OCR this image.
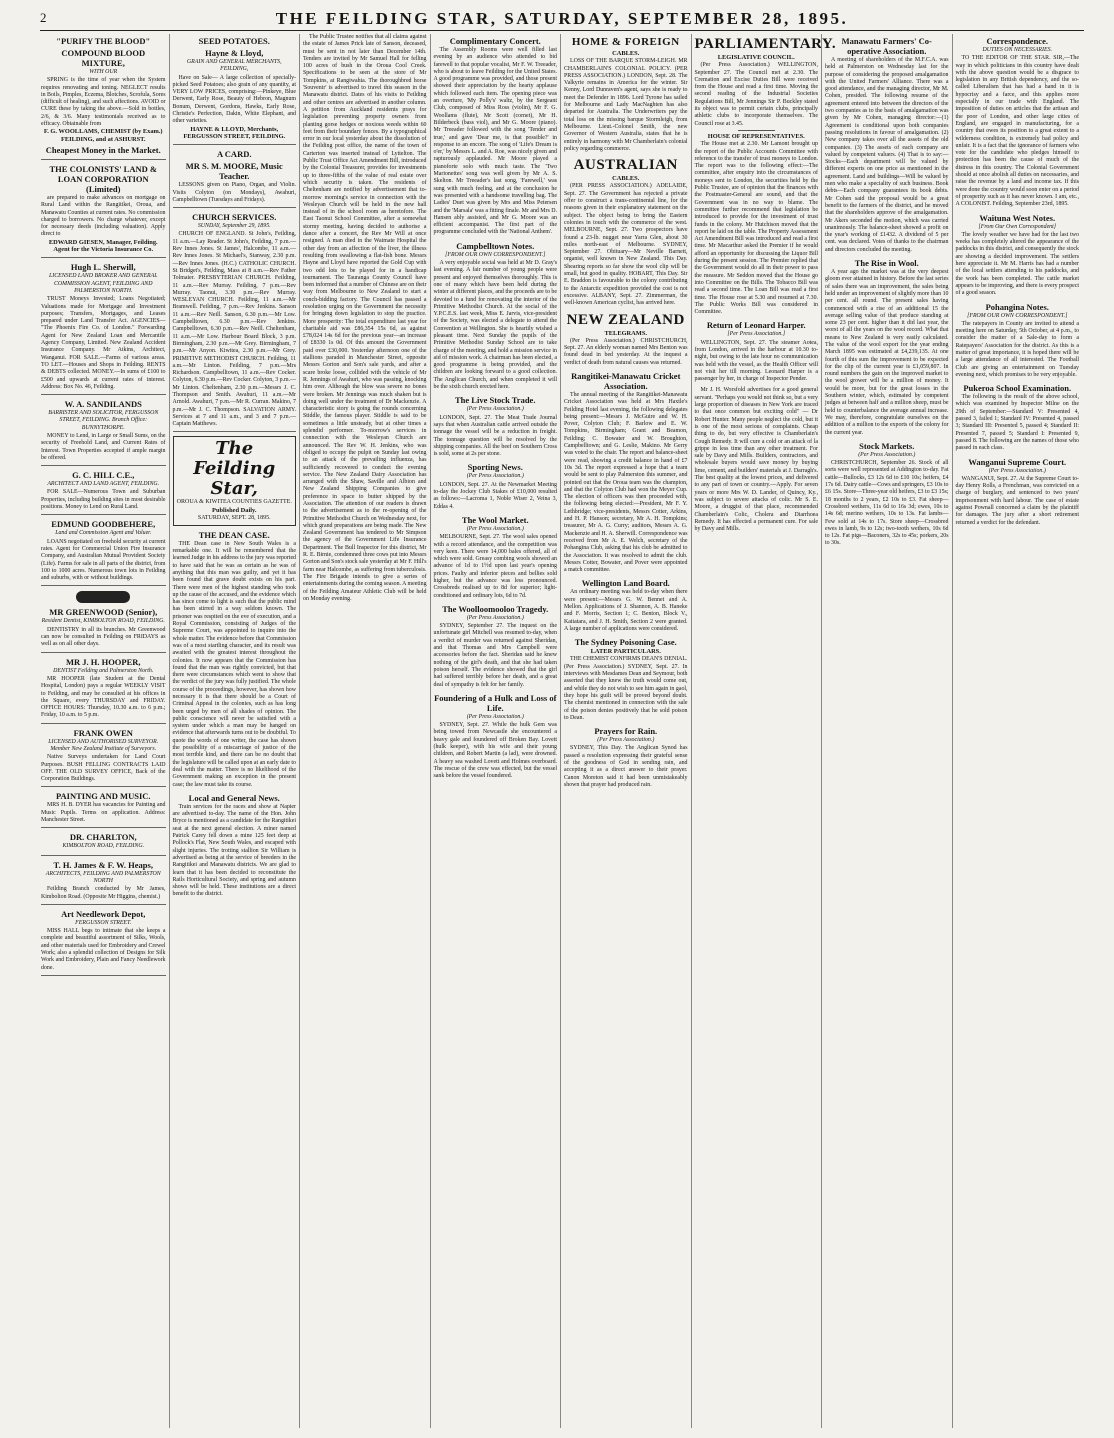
2	THE FEILDING STAR, SATURDAY, SEPTEMBER 28, 1895.
"PURIFY THE BLOOD"
COMPOUND BLOOD MIXTURE,
WITH OUR

SPRING is the time of year when the System requires renovating and toning. NEGLECT results in Boils, Pimples, Eczema, Blotches, Scrofula, Sores (difficult of healing), and such affections. AVOID or CURE these by taking the above.—Sold in bottles, 2/6, & 3/6. Many testimonials received as to efficacy. Obtainable from

F. G. WOOLLAMS, CHEMIST (by Exam.) FEILDING, and at ASHURST.
Cheapest Money in the Market.
THE COLONISTS' LAND & LOAN CORPORATION (Limited)

are prepared to make advances on mortgage on Rural Land within the Rangitikei, Oroua, and Manawatu Counties at current rates. No commission charged to borrowers. No charge whatever, except for necessary deeds (including valuation). Apply direct to

EDWARD GIESEN, Manager, Feilding. Agent for the Victoria Insurance Co.
Hugh L. Sherwill,
LICENSED LAND BROKER AND GENERAL COMMISSION AGENT, FEILDING AND PALMERSTON NORTH.

TRUST Moneys Invested; Loans Negotiated; Valuations made for Mortgage and Investment purposes; Transfers, Mortgages, and Leases prepared under Land Transfer Act. AGENCIES— "The Phoenix Fire Co. of London." Forwarding Agent for New Zealand Loan and Mercantile Agency Company, Limited. New Zealand Accident Insurance Company. Mr Atkins, Architect, Wanganui. FOR SALE.—Farms of various areas. TO LET.—Houses and Shops in Feilding. RENTS & DEBTS collected. MONEY.—In sums of £100 to £500 and upwards at current rates of interest. Address: Box No. 46, Feilding.

W. A. SANDILANDS
BARRISTER AND SOLICITOR, FERGUSSON STREET, FEILDING. Branch Office: BUNNYTHORPE.

MONEY to Lend, in Large or Small Sums, on the security of Freehold Land, and Current Rates of Interest. Town Properties accepted if ample margin be offered.

G. C. HILL C.E.,
ARCHITECT AND LAND AGENT, FEILDING.

FOR SALE—Numerous Town and Suburban Properties, including building sites in most desirable positions. Money to Lend on Rural Land.

EDMUND GOODBEHERE,
Land and Commission Agent and Valuer.

LOANS negotiated on freehold security at current rates. Agent for Commercial Union Fire Insurance Company, and Australian Mutual Provident Society (Life). Farms for sale in all parts of the district, from 100 to 1000 acres. Numerous town lots in Feilding and suburbs, with or without buildings.

MR GREENWOOD (Senior),
Resident Dentist, KIMBOLTON ROAD, FEILDING.

DENTISTRY in all its branches. Mr Greenwood can now be consulted in Feilding on FRIDAYS as well as on all other days.

MR J. H. HOOPER,
DENTIST Feilding and Palmerston North.

MR HOOPER (late Student at the Dental Hospital, London) pays a regular WEEKLY VISIT to Feilding, and may be consulted at his offices in the Square, every THURSDAY and FRIDAY. OFFICE HOURS: Thursday, 10.30 a.m. to 6 p.m.; Friday, 10 a.m. to 5 p.m.

FRANK OWEN
LICENSED AND AUTHORISED SURVEYOR. Member New Zealand Institute of Surveyors.

Native Surveys undertaken for Land Court Purposes. BUSH FELLING CONTRACTS LAID OFF. THE OLD SURVEY OFFICE, Back of the Corporation Buildings.

PAINTING AND MUSIC.

MRS H. B. DYER has vacancies for Painting and Music Pupils. Terms on application. Address: Manchester Street.

DR. CHARLTON,
KIMBOLTON ROAD, FEILDING.
T. H. James & F. W. Heaps,
ARCHITECTS, FEILDING AND PALMERSTON NORTH

Feilding Branch conducted by Mr James, Kimbolton Road. (Opposite Mr Higgins, chemist.)

Art Needlework Depot,
FERGUSSON STREET.

MISS HALL begs to intimate that she keeps a complete and beautiful assortment of Silks, Wools, and other materials used for Embroidery and Crewel Work; also a splendid collection of Designs for Silk Work and Embroidery, Plain and Fancy Needlework done.

SEED POTATOES.
Hayne & Lloyd,
GRAIN AND GENERAL MERCHANTS, FEILDING,

Have on Sale— A large collection of specially-picked Seed Potatoes; also grain of any quantity, at VERY LOW PRICES, comprising:—Pinkeye, Blue Derwent, Early Rose, Beauty of Hebron, Magnum Bonum, Derwent, Gordons, Hawks, Early Rose, Christie's Perfection, Dakin, White Elephant, and other varieties.

HAYNE & LLOYD, Merchants, FERGUSSON STREET, FEILDING.
A CARD.
MR S. M. MOORE, Music Teacher.

LESSONS given on Piano, Organ, and Violin. Visits Colyton (on Mondays), Awahuri, Campbelltown (Tuesdays and Fridays).

CHURCH SERVICES.
SUNDAY, September 29, 1895.

CHURCH OF ENGLAND. St John's, Feilding, 11 a.m.—Lay Reader. St John's, Feilding, 7 p.m.—Rev Innes Jones. St James', Halcombe, 11 a.m.—Rev Innes Jones. St Michael's, Stanway, 2.30 p.m.—Rev Innes Jones. (H.C.) CATHOLIC CHURCH. St Bridget's, Feilding, Mass at 8 a.m.—Rev Father Tolmaier. PRESBYTERIAN CHURCH. Feilding, 11 a.m.—Rev Murray. Feilding, 7 p.m.—Rev Murray. Taonui, 3.30 p.m.—Rev Murray. WESLEYAN CHURCH. Feilding, 11 a.m.—Mr Bramwell. Feilding, 7 p.m.—Rev Jenkins. Sanson 11 a.m.—Rev Neill. Sanson, 6.30 p.m.—Mr Low. Campbelltown, 6.30 p.m.—Rev Jenkins. Campbelltown, 6.30 p.m.—Rev Neill. Cheltenham, 11 a.m.—Mr Low. Harbour Board Block, 3 p.m. Birmingham, 2.30 p.m.—Mr Grey. Birmingham, 7 p.m.—Mr Anyon. Kiwitea, 2.30 p.m.—Mr Grey. PRIMITIVE METHODIST CHURCH. Feilding, 11 a.m.—Mr Linton. Feilding, 7 p.m.—Mrs Richardson. Campbelltown, 11 a.m.—Rev Cocker. Colyton, 6.30 p.m.—Rev Cocker. Colyton, 3 p.m.—Mr Linton. Cheltenham, 2.30 p.m.—Messrs J. C. Thompson and Smith. Awahuri, 11 a.m.—Mr Arnold. Awahuri, 7 p.m.—Mr R. Curran. Makino, 7 p.m.—Mr J. C. Thompson. SALVATION ARMY. Services at 7 and 11 a.m., and 3 and 7 p.m.—Captain Matthews.

The Feilding Star,
OROUA & KIWITEA COUNTIES GAZETTE.
Published Daily.
SATURDAY, SEPT. 28, 1895.
THE DEAN CASE.

THE Dean case in New South Wales is a remarkable one. It will be remembered that the learned Judge in his address to the jury was reported to have said that he was as certain as he was of anything that this man was guilty, and yet it has been found that grave doubt exists on his part. There were men of the highest standing who took up the cause of the accused, and the evidence which has since come to light is such that the public mind has been stirred in a way seldom known. The prisoner was respited on the eve of execution, and a Royal Commission, consisting of Judges of the Supreme Court, was appointed to inquire into the whole matter. The evidence before that Commission was of a most startling character, and its result was awaited with the greatest interest throughout the colonies. It now appears that the Commission has found that the man was rightly convicted, but that there were circumstances which went to show that the verdict of the jury was fully justified. The whole course of the proceedings, however, has shown how necessary it is that there should be a Court of Criminal Appeal in the colonies, such as has long been urged by men of all shades of opinion. The public conscience will never be satisfied with a system under which a man may be hanged on evidence that afterwards turns out to be doubtful. To quote the words of one writer, the case has shown the possibility of a miscarriage of justice of the most terrible kind, and there can be no doubt that the legislature will be called upon at an early date to deal with the matter. There is no likelihood of the Government making an exception in the present case; the law must take its course.

Local and General News.

Train services for the races and show at Napier are advertised to-day. The name of the Hon. John Bryce is mentioned as a candidate for the Rangitikei seat at the next general election. A miner named Patrick Carey fell down a mine 125 feet deep at Pollock's Flat, New South Wales, and escaped with slight injuries. The trotting stallion Sir William is advertised as being at the service of breeders in the Rangitikei and Manawatu districts. We are glad to learn that it has been decided to reconstitute the Rails Horticultural Society, and spring and autumn shows will be held. These institutions are a direct benefit to the district.

The Public Trustee notifies that all claims against the estate of James Prick late of Sanson, deceased, must be sent in not later than December 14th. Tenders are invited by Mr Samuel Hall for felling 100 acres of bush in the Oroua Cool Creek. Specifications to be seen at the store of Mr Tompkins, at Rangiwahia. The thoroughbred horse 'Souvenir' is advertised to travel this season in the Manawatu district. Dates of his visits to Feilding and other centres are advertised in another column. A petition from Auckland residents prays for legislation preventing property owners from planting gorse hedges or noxious weeds within 60 feet from their boundary fences. By a typographical error in our local yesterday about the dissolution of the Feilding post office, the name of the town of Carterton was inserted instead of Lyttelton. The Public Trust Office Act Amendment Bill, introduced by the Colonial Treasurer, provides for investments up to three-fifths of the value of real estate over which security is taken. The residents of Cheltenham are notified by advertisement that to-morrow morning's service in connection with the Wesleyan Church will be held in the new hall instead of in the school room as heretofore. The East Taonui School Committee, after a somewhat stormy meeting, having decided to authorise a dance after a concert, the Rev Mr Will at once resigned. A man died in the Waimate Hospital the other day from an affection of the liver, the illness resulting from swallowing a flat-fish bone. Messrs Hayne and Lloyd have reported the Gold Cup with two odd lots to be played for in a handicap tournament. The Tauranga County Council have been informed that a number of Chinese are on their way from Melbourne to New Zealand to start a conch-bidding factory. The Council has passed a resolution urging on the Government the necessity for bringing down legislation to stop the practice. More prosperity: The total expenditure last year for charitable aid was £86,354 15s 6d, as against £78,024 14s 6d for the previous year—an increase of £8330 1s 0d. Of this amount the Government paid over £30,000. Yesterday afternoon one of the stallions paraded in Manchester Street, opposite Messrs Gorton and Son's sale yards, and after a scare broke loose, collided with the vehicle of Mr R. Jennings of Awahuri, who was passing, knocking him over. Although the blow was severe no bones were broken. Mr Jennings was much shaken but is doing well under the treatment of Dr Mackenzie. A characteristic story is going the rounds concerning Stiddle, the famous player. Stiddle is said to be sometimes a little unsteady, but at other times a splendid performer. To-morrow's services in connection with the Wesleyan Church are announced. The Rev W. H. Jenkins, who was obliged to occupy the pulpit on Sunday last owing to an attack of the prevailing influenza, has sufficiently recovered to conduct the evening service. The New Zealand Dairy Association has arranged with the Shaw, Saville and Albion and New Zealand Shipping Companies to give preference in space to butter shipped by the Association. The attention of our readers is drawn to the advertisement as to the re-opening of the Primitive Methodist Church on Wednesday next, for which grand preparations are being made. The New Zealand Government has tendered to Mr Simpson the agency of the Government Life Insurance Department. The Bull Inspector for this district, Mr R. E. Birnie, condemned three cows put into Messrs Gorton and Son's stock sale yesterday at Mr F. Hill's farm near Halcombe, as suffering from tuberculosis. The Fire Brigade intends to give a series of entertainments during the coming season. A meeting of the Feilding Amateur Athletic Club will be held on Monday evening.

Complimentary Concert.

The Assembly Rooms were well filled last evening by an audience who attended to bid farewell to that popular vocalist, Mr F. W. Treeader, who is about to leave Feilding for the United States. A good programme was provided, and those present showed their appreciation by the hearty applause which followed each item. The opening piece was an overture, 'My Polly's' waltz, by the Sergeant Club, composed of Miss Ross (violin), Mr F. G. Woollams (flute), Mr Scott (cornet), Mr H. Bilderbeck (bass viol), and Mr G. Moore (piano). Mr Treeader followed with the song 'Tender and true,' and gave 'Dear me, is that possible?' in response to an encore. The song of 'Life's Dream is o'er,' by Messrs L. and A. Roe, was nicely given and rapturously applauded. Mr Moore played a pianoforte solo with much taste. The 'Two Marionettes' song was well given by Mr A. S. Skelton. Mr Treeader's last song, 'Farewell,' was sung with much feeling, and at the conclusion he was presented with a handsome travelling bag. The Ladies' Duet was given by Mrs and Miss Petersen and the 'Marsala' was a fitting finale. Mr and Mrs D. Hansen ably assisted, and Mr G. Moore was an efficient accompanist. The first part of the programme concluded with the 'National Anthem'.

Campbelltown Notes.
[FROM OUR OWN CORRESPONDENT.]

A very enjoyable social was held at Mr D. Gray's last evening. A fair number of young people were present and enjoyed themselves thoroughly. This is one of many which have been held during the winter at different places, and the proceeds are to be devoted to a fund for renovating the interior of the Primitive Methodist Church. At the social of the Y.P.C.E.S. last week, Miss E. Jarvis, vice-president of the Society, was elected a delegate to attend the Convention at Wellington. She is heartily wished a pleasant time. Next Sunday the pupils of the Primitive Methodist Sunday School are to take charge of the meeting, and hold a mission service in aid of mission work. A chairman has been elected, a good programme is being provided, and the children are looking forward to a good collection. The Anglican Church, and when completed it will be the sixth church erected here.

The Live Stock Trade.
(Per Press Association.)

LONDON, Sept. 27. The Meat Trade Journal says that when Australian cattle arrived outside the tonnage the vessel will be a reduction in freight. The tonnage question will be resolved by the shipping companies. All the beef on Southern Cross is sold, some at 2s per stone.

Sporting News.
(Per Press Association.)

LONDON, Sept. 27. At the Newmarket Meeting to-day the Jockey Club Stakes of £10,000 resulted as follows:—Lacroma 1, Noble Wiser 2, Veina 3, Eddas 4.

The Wool Market.
(Per Press Association.)

MELBOURNE, Sept. 27. The wool sales opened with a record attendance, and the competition was very keen. There were 14,000 bales offered, all of which were sold. Greasy combing wools showed an advance of 1d to 1½d upon last year's opening prices. Faulty and inferior pieces and bellies sold higher, but the advance was less pronounced. Crossbreds realised up to 8d for superior; light-conditioned and ordinary lots, 6d to 7d.

The Woolloomooloo Tragedy.
(Per Press Association.)

SYDNEY, September 27. The inquest on the unfortunate girl Mitchell was resumed to-day, when a verdict of murder was returned against Sheridan, and that Thomas and Mrs Campbell were accessories before the fact. Sheridan said he knew nothing of the girl's death, and that she had taken poison herself. The evidence showed that the girl had suffered terribly before her death, and a great deal of sympathy is felt for her family.

Foundering of a Hulk and Loss of Life.
(Per Press Association.)

SYDNEY, Sept. 27. While the hulk Gem was being towed from Newcastle she encountered a heavy gale and foundered off Broken Bay. Lovett (hulk keeper), with his wife and their young children, and Robert Martin (a lad), were drowned. A heavy sea washed Lovett and Holmes overboard. The rescue of the crew was effected, but the vessel sank before the vessel foundered.

HOME & FOREIGN
CABLES.

LOSS OF THE BARQUE STORM-LEIGH. MR CHAMBERLAIN'S COLONIAL POLICY. (PER PRESS ASSOCIATION.) LONDON, Sept. 28. The Valkyrie remains in America for the winter. Sir Kenny, Lord Dunraven's agent, says she is ready to meet the Defender in 1896. Lord Tyrone has sailed for Melbourne and Lady MacNaghten has also departed for Australia. The Underwriters pay the total loss on the missing barque Stormleigh, from Melbourne. Lieut.-Colonel Smith, the new Governor of Western Australia, states that he is entirely in harmony with Mr Chamberlain's colonial policy regarding commerce.

AUSTRALIAN
CABLES.

(PER PRESS ASSOCIATION.) ADELAIDE, Sept. 27. The Government has rejected a private offer to construct a trans-continental line, for the reasons given in their explanatory statement on the subject. The object being to bring the Eastern colonies in touch with the commerce of the west. MELBOURNE, Sept. 27. Two prospectors have found a 23-lb. nugget near Yarra Glen, about 30 miles north-east of Melbourne. SYDNEY, September 27. Obituary—Mr Neville Barnett, organist, well known in New Zealand. This Day. Shearing reports so far show the wool clip will be small, but good in quality. HOBART, This Day. Sir E. Braddon is favourable to the colony contributing to the Antarctic expedition provided the cost is not excessive. ALBANY, Sept. 27. Zimmerman, the well-known American cyclist, has arrived here.

NEW ZEALAND
TELEGRAMS.

(Per Press Association.) CHRISTCHURCH, Sept. 27. An elderly woman named Mrs Benton was found dead in bed yesterday. At the inquest a verdict of death from natural causes was returned.

Rangitikei-Manawatu Cricket Association.

The annual meeting of the Rangitikei-Manawatu Cricket Association was held at Mrs Haxtle's Feilding Hotel last evening, the following delegates being present:—Messrs J. McGuire and W. H. Pover, Colyton Club; F. Barlow and E. W. Tompkins, Birmingham; Grant and Beamon, Feilding; C. Bowater and W. Broughton, Campbelltown; and G. Leslie, Makino. Mr Gerry was voted to the chair. The report and balance-sheet were read, showing a credit balance in hand of £7 10s 3d. The report expressed a hope that a team would be sent to play Palmerston this summer, and pointed out that the Oroua team was the champion, and that the Colyton Club had won the Meyer Cup. The election of officers was then proceeded with, the following being elected:—President, Mr F. Y. Lethbridge; vice-presidents, Messrs Cotter, Arkins, and H. P. Hanson; secretary, Mr A. H. Tompkins; treasurer, Mr A. G. Curry; auditors, Messrs A. G. Mackenzie and H. A. Sherwill. Correspondence was received from Mr A. E. Welch, secretary of the Pohangina Club, asking that his club be admitted to the Association. It was resolved to admit the club. Messrs Cotter, Bowater, and Pover were appointed a match committee.

Wellington Land Board.

An ordinary meeting was held to-day when there were present:—Messrs G. W. Bennet and A. Mellon. Applications of J. Shannon, A. B. Haneke and F. Morris, Section 1; C. Benton, Block V., Kaitatara, and J. H. Smith, Section 2 were granted. A large number of applications were considered.

The Sydney Poisoning Case.
LATER PARTICULARS.

THE CHEMIST CONFIRMS DEAN'S DENIAL. (Per Press Association.) SYDNEY, Sept. 27. In interviews with Mesdames Dean and Seymour, both asserted that they knew the truth would come out, and while they do not wish to see him again in gaol, they hope his guilt will be proved beyond doubt. The chemist mentioned in connection with the sale of the poison denies positively that he sold poison to Dean.

Prayers for Rain.
(Per Press Association.)

SYDNEY, This Day. The Anglican Synod has passed a resolution expressing their grateful sense of the goodness of God in sending rain, and accepting it as a direct answer to their prayer. Canon Moreton said it had been unmistakeably shown that prayer had produced rain.

PARLIAMENTARY.
LEGISLATIVE COUNCIL.

(Per Press Association.) WELLINGTON, September 27. The Council met at 2.30. The Cremation and Excise Duties Bill were received from the House and read a first time. Moving the second reading of the Industrial Societies Regulations Bill, Mr Jennings Sir P. Buckley stated its object was to permit certain clubs, principally athletic clubs to incorporate themselves. The Council rose at 3.45.

HOUSE OF REPRESENTATIVES.

The House met at 2.30. Mr Lamont brought up the report of the Public Accounts Committee with reference to the transfer of trust moneys to London. The report was to the following effect:—The committee, after enquiry into the circumstances of moneys sent to London, the securities held by the Public Trustee, are of opinion that the finances with the Postmaster-General are sound, and that the Government was in no way to blame. The committee further recommend that legislation be introduced to provide for the investment of trust funds in the colony. Mr Hutchison moved that the report be laid on the table. The Property Assessment Act Amendment Bill was introduced and read a first time. Mr Macarthur asked the Premier if he would afford an opportunity for discussing the Liquor Bill during the present session. The Premier replied that the Government would do all in their power to pass the measure. Mr Seddon moved that the House go into Committee on the Bills. The Tobacco Bill was read a second time. The Loan Bill was read a first time. The House rose at 5.30 and resumed at 7.30. The Public Works Bill was considered in Committee.

Return of Leonard Harper.
[Per Press Association.]

WELLINGTON, Sept. 27. The steamer Aotea, from London, arrived in the harbour at 10.30 to-night, but owing to the late hour no communication was held with the vessel, as the Health Officer will not visit her till morning. Leonard Harper is a passenger by her, in charge of Inspector Pender.

Mr J. H. Worsfold advertises for a good general servant. "Perhaps you would not think so, but a very large proportion of diseases in New York are traced to that once common but exciting cold" — Dr Robert Hunter. Many people neglect the cold, but it is one of the most serious of complaints. Cheap thing to do, but very effective is Chamberlain's Cough Remedy. It will cure a cold or an attack of la grippe in less time than any other treatment. For sale by Davy and Mills. Builders, contractors, and wholesale buyers would save money by buying lime, cement, and builders' materials at J. Darragh's. The best quality at the lowest prices, and delivered to any part of town or country.—Apply. For seven years or more Mrs W. D. Lander, of Quincy, Ky., was subject to severe attacks of colic. Mr S. E. Moore, a druggist of that place, recommended Chamberlain's Colic, Cholera and Diarrhoea Remedy. It has effected a permanent cure. For sale by Davy and Mills.

Manawatu Farmers' Co-operative Association.

A meeting of shareholders of the M.F.C.A. was held at Palmerston on Wednesday last for the purpose of considering the proposed amalgamation with the United Farmers' Alliance. There was a good attendance, and the managing director, Mr M. Cohen, presided. The following resume of the agreement entered into between the directors of the two companies as to the basis of amalgamation was given by Mr Cohen, managing director:—(1) Agreement is conditional upon both companies passing resolutions in favour of amalgamation. (2) New company takes over all the assets of the old companies. (3) The assets of each company are valued by competent valuers. (4) That is to say:—Stocks—Each department will be valued by different experts on one price as mentioned in the agreement. Land and buildings—Will be valued by men who make a speciality of such business. Book debts—Each company guarantees its book debts. Mr Cohen said the proposal would be a great benefit to the farmers of the district, and he moved that the shareholders approve of the amalgamation. Mr Akers seconded the motion, which was carried unanimously. The balance-sheet showed a profit on the year's working of £1432. A dividend of 5 per cent. was declared. Votes of thanks to the chairman and directors concluded the meeting.

The Rise in Wool.

A year ago the market was at the very deepest gloom ever attained in history. Before the last series of sales there was an improvement, the sales being held under an improvement of slightly more than 10 per cent. all round. The present sales having commenced with a rise of an additional 15 the average selling value of that produce standing at some 23 per cent. higher than it did last year, the worst of all the years on the wool record. What that means to New Zealand is very easily calculated. The value of the wool export for the year ending March 1895 was estimated at £4,239,135. At one fourth of this sum the improvement to be expected for the clip of the current year is £1,059,807. In round numbers the gain on the improved market to the wool grower will be a million of money. It would be more, but for the great losses in the Southern winter, which, estimated by competent judges at between half and a million sheep, must be held to counterbalance the average annual increase. We may, therefore, congratulate ourselves on the addition of a million to the exports of the colony for the current year.

Stock Markets.
(Per Press Association.)

CHRISTCHURCH, September 26. Stock of all sorts were well represented at Addington to-day. Fat cattle—Bullocks, £3 12s 6d to £10 10s; heifers, £4 17s 6d. Dairy cattle—Cows and springers, £3 10s to £6 15s. Store—Three-year old heifers, £3 to £3 15s; 18 months to 2 years, £2 10s to £3. Fat sheep—Crossbred wethers, 11s 6d to 16s 3d; ewes, 10s to 14s 6d; merino wethers, 10s to 13s. Fat lambs—Few sold at 14s to 17s. Store sheep—Crossbred ewes in lamb, 9s to 12s; two-tooth wethers, 10s 6d to 12s. Fat pigs—Baconers, 32s to 45s; porkers, 20s to 30s.

Correspondence.
DUTIES ON NECESSARIES.

TO THE EDITOR OF THE STAR. SIR,—The way in which politicians in this country have dealt with the above question would be a disgrace to legislation in any British dependency, and the so-called Liberalism that has had a hand in it is hypocrisy and a farce, and this applies more especially in our trade with England. The imposition of duties on articles that the artisan and the poor of London, and other large cities of England, are engaged in manufacturing, for a country that owes its position to a great extent to a wilderness condition, is extremely bad policy and unfair. It is a fact that the ignorance of farmers who vote for the candidate who pledges himself to protection has been the cause of much of the distress in this country. The Colonial Government should at once abolish all duties on necessaries, and raise the revenue by a land and income tax. If this were done the country would soon enter on a period of prosperity such as it has never known. I am, etc., A COLONIST. Feilding, September 23rd, 1895.

Waituna West Notes.
[From Our Own Correspondent]

The lovely weather we have had for the last two weeks has completely altered the appearance of the paddocks in this district, and consequently the stock are showing a decided improvement. The settlers here appreciate it. Mr M. Harris has had a number of the local settlers attending to his paddocks, and the work has been completed. The cattle market appears to be improving, and there is every prospect of a good season.

Pohangina Notes.
[FROM OUR OWN CORRESPONDENT.]

The ratepayers in County are invited to attend a meeting here on Saturday, 5th October, at 4 p.m., to consider the matter of a Sale-day to form a Ratepayers' Association for the district. As this is a matter of great importance, it is hoped there will be a large attendance of all interested. The Football Club are giving an entertainment on Tuesday evening next, which promises to be very enjoyable.

Pukeroa School Examination.

The following is the result of the above school, which was examined by Inspector Milne on the 29th of September:—Standard V: Presented 4, passed 3, failed 1; Standard IV: Presented 4, passed 3; Standard III: Presented 5, passed 4; Standard II: Presented 7, passed 5; Standard I: Presented 9, passed 8. The following are the names of those who passed in each class.

Wanganui Supreme Court.
(Per Press Association.)

WANGANUI, Sept. 27. At the Supreme Court to-day Henry Rolls, a Frenchman, was convicted on a charge of burglary, and sentenced to two years' imprisonment with hard labour. The case of estate against Pownall concerned a claim by the plaintiff for damages. The jury after a short retirement returned a verdict for the defendant.
